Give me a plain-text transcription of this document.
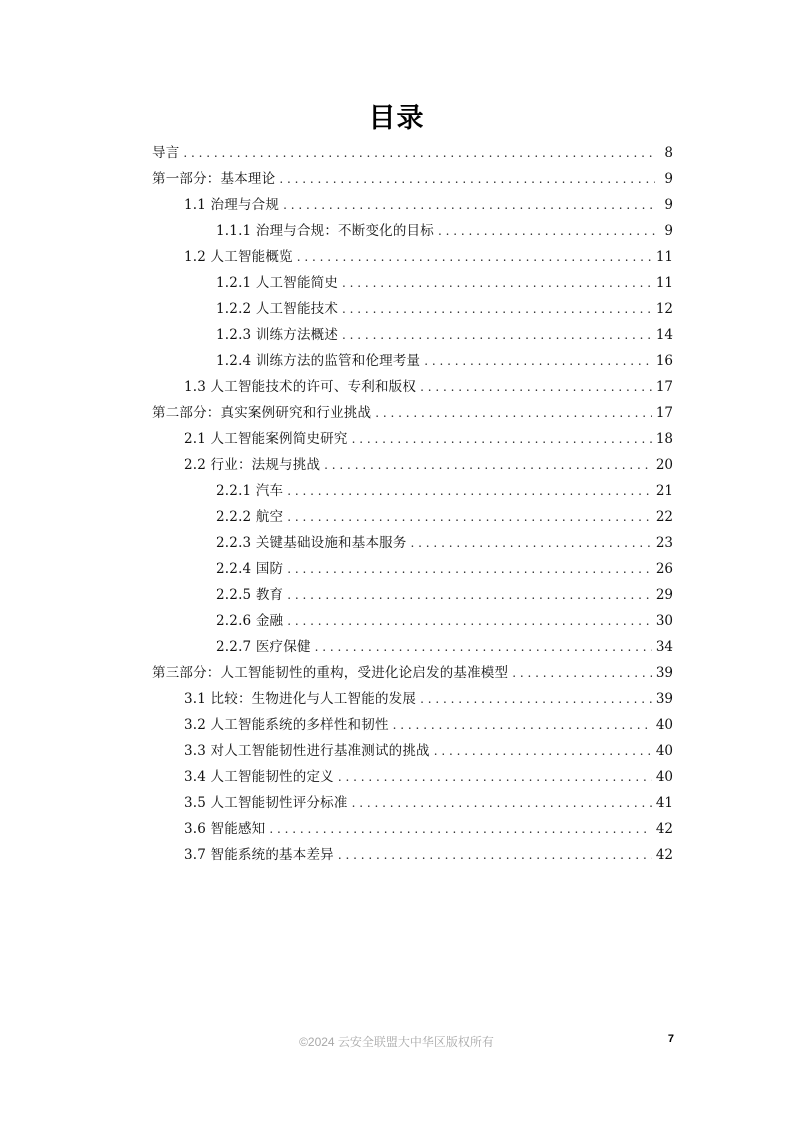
目录
导言 . . .	8
第一部分：基本理论 . . .	9
1.1 治理与合规 . . .	9
1.1.1 治理与合规：不断变化的目标 . . .	9
1.2 人工智能概览 . . .	11
1.2.1 人工智能简史 . . .	11
1.2.2 人工智能技术 . . .	12
1.2.3 训练方法概述 . . .	14
1.2.4 训练方法的监管和伦理考量 . . .	16
1.3 人工智能技术的许可、专利和版权 . . .	17
第二部分：真实案例研究和行业挑战 . . .	17
2.1 人工智能案例简史研究 . . .	18
2.2 行业：法规与挑战 . . .	20
2.2.1 汽车 . . .	21
2.2.2 航空 . . .	22
2.2.3 关键基础设施和基本服务 . . .	23
2.2.4 国防 . . .	26
2.2.5 教育 . . .	29
2.2.6 金融 . . .	30
2.2.7 医疗保健 . . .	34
第三部分：人工智能韧性的重构，受进化论启发的基准模型 . . .	39
3.1 比较：生物进化与人工智能的发展 . . .	39
3.2 人工智能系统的多样性和韧性 . . .	40
3.3 对人工智能韧性进行基准测试的挑战 . . .	40
3.4 人工智能韧性的定义 . . .	40
3.5 人工智能韧性评分标准 . . .	41
3.6 智能感知 . . .	42
3.7 智能系统的基本差异 . . .	42
©2024 云安全联盟大中华区版权所有	7
